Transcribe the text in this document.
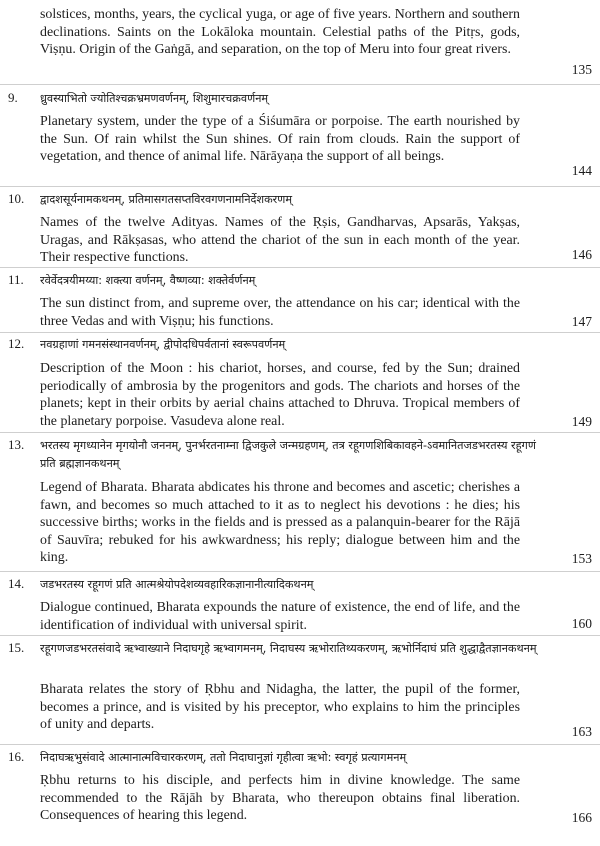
solstices, months, years, the cyclical yuga, or age of five years. Northern and southern declinations. Saints on the Lokāloka mountain. Celestial paths of the Pitṛs, gods, Viṣṇu. Origin of the Gaṅgā, and separation, on the top of Meru into four great rivers.
135
9.	ध्रुवस्याभितो ज्योतिश्चक्रभ्रमणवर्णनम्, शिशुमारचक्रवर्णनम्
Planetary system, under the type of a Śiśumāra or porpoise. The earth nourished by the Sun. Of rain whilst the Sun shines. Of rain from clouds. Rain the support of vegetation, and thence of animal life. Nārāyaṇa the support of all beings.
144
10.	द्वादशसूर्यनामकथनम्, प्रतिमासगतसप्तविरवगणनामनिर्देशकरणम्
Names of the twelve Adityas. Names of the Ṛṣis, Gandharvas, Apsarās, Yakṣas, Uragas, and Rākṣasas, who attend the chariot of the sun in each month of the year. Their respective functions.	146
11.	रवेर्वेदत्रयीमय्या: शक्त्या वर्णनम्, वैष्णव्या: शक्तेर्वर्णनम्
The sun distinct from, and supreme over, the attendance on his car; identical with the three Vedas and with Viṣṇu; his functions.	147
12.	नवग्रहाणां गमनसंस्थानवर्णनम्, द्वीपोदधिपर्वतानां स्वरूपवर्णनम्
Description of the Moon : his chariot, horses, and course, fed by the Sun; drained periodically of ambrosia by the progenitors and gods. The chariots and horses of the planets; kept in their orbits by aerial chains attached to Dhruva. Tropical members of the planetary porpoise. Vasudeva alone real.	149
13.	भरतस्य मृगध्यानेन मृगयोनौ जननम्, पुनर्भरतनाम्ना द्विजकुले जन्मग्रहणम्, तत्र रहूगणशिबिकावहने-ऽवमानितजडभरतस्य रहूगणं प्रति ब्रह्मज्ञानकथनम्
Legend of Bharata. Bharata abdicates his throne and becomes and ascetic; cherishes a fawn, and becomes so much attached to it as to neglect his devotions : he dies; his successive births; works in the fields and is pressed as a palanquin-bearer for the Rājā of Sauvīra; rebuked for his awkwardness; his reply; dialogue between him and the king.	153
14.	जडभरतस्य रहूगणं प्रति आत्मश्रेयोपदेशव्यवहारिकज्ञानानीत्यादिकथनम्
Dialogue continued, Bharata expounds the nature of existence, the end of life, and the identification of individual with universal spirit.	160
15.	रहूगणजडभरतसंवादे ऋभ्वाख्याने निदाघगृहे ऋभ्वागमनम्, निदाघस्य ऋभोरातिथ्यकरणम्, ऋभोर्निदाघं प्रति शुद्धाद्वैतज्ञानकथनम्
Bharata relates the story of Ṛbhu and Nidagha, the latter, the pupil of the former, becomes a prince, and is visited by his preceptor, who explains to him the principles of unity and departs.	163
16.	निदाघऋभुसंवादे आत्मानात्मविचारकरणम्, ततो निदाघानुज्ञां गृहीत्वा ऋभो: स्वगृहं प्रत्यागमनम्
Ṛbhu returns to his disciple, and perfects him in divine knowledge. The same recommended to the Rājāh by Bharata, who thereupon obtains final liberation. Consequences of hearing this legend.	166
